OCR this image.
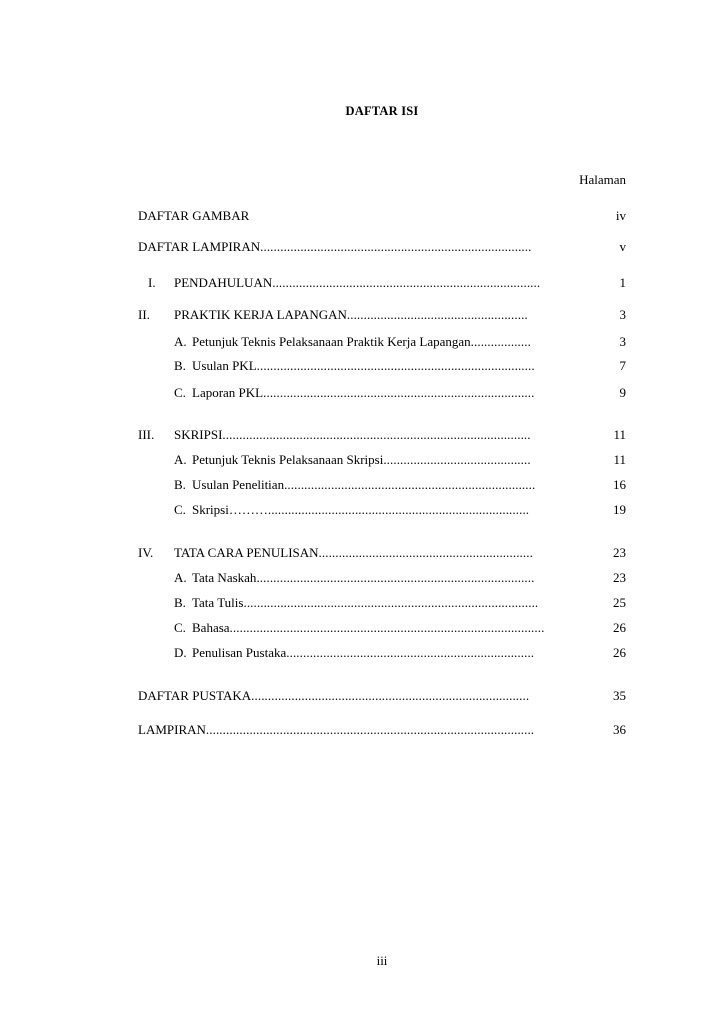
DAFTAR ISI
Halaman
DAFTAR GAMBAR	iv
DAFTAR LAMPIRAN .................................................................................	v
I. PENDAHULUAN ................................................................................	1
II. PRAKTIK KERJA LAPANGAN ......................................................	3
A. Petunjuk Teknis Pelaksanaan Praktik Kerja Lapangan ..................	3
B. Usulan PKL ...................................................................................	7
C. Laporan PKL .................................................................................	9
III. SKRIPSI ............................................................................................	11
A. Petunjuk Teknis Pelaksanaan Skripsi ............................................	11
B. Usulan Penelitian ...........................................................................	16
C. Skripsi……… ..............................................................................	19
IV. TATA CARA PENULISAN ................................................................	23
A. Tata Naskah ...................................................................................	23
B. Tata Tulis ........................................................................................	25
C. Bahasa ..............................................................................................	26
D. Penulisan Pustaka ..........................................................................	26
DAFTAR PUSTAKA ...................................................................................	35
LAMPIRAN ..................................................................................................	36
iii
